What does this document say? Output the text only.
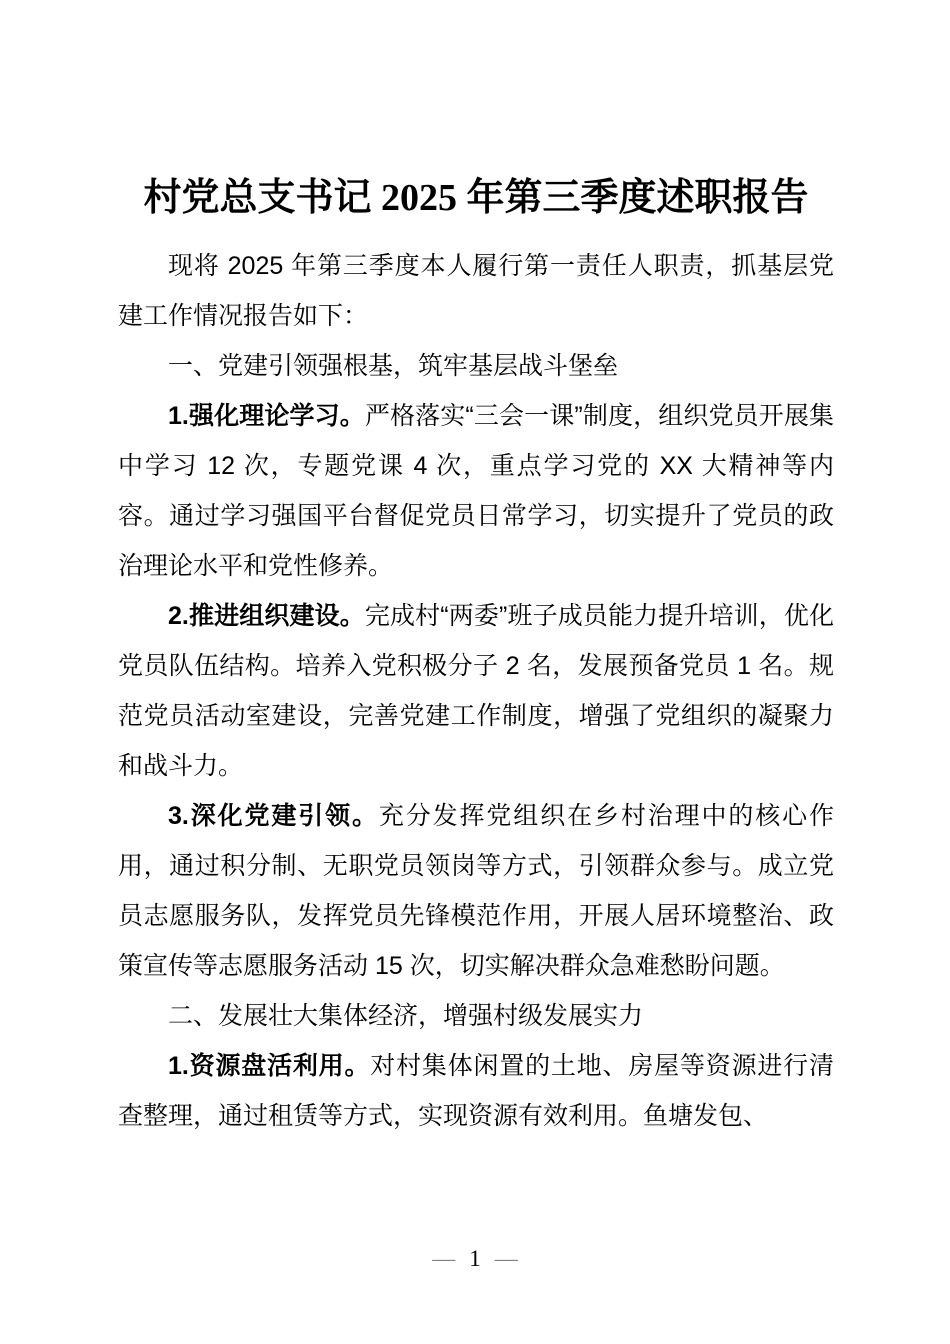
村党总支书记 2025 年第三季度述职报告

现将 2025 年第三季度本人履行第一责任人职责，抓基层党建工作情况报告如下：

一、党建引领强根基，筑牢基层战斗堡垒

1.强化理论学习。严格落实“三会一课”制度，组织党员开展集中学习 12 次，专题党课 4 次，重点学习党的 XX 大精神等内容。通过学习强国平台督促党员日常学习，切实提升了党员的政治理论水平和党性修养。

2.推进组织建设。完成村“两委”班子成员能力提升培训，优化党员队伍结构。培养入党积极分子 2 名，发展预备党员 1 名。规范党员活动室建设，完善党建工作制度，增强了党组织的凝聚力和战斗力。

3.深化党建引领。充分发挥党组织在乡村治理中的核心作用，通过积分制、无职党员领岗等方式，引领群众参与。成立党员志愿服务队，发挥党员先锋模范作用，开展人居环境整治、政策宣传等志愿服务活动 15 次，切实解决群众急难愁盼问题。

二、发展壮大集体经济，增强村级发展实力

1.资源盘活利用。对村集体闲置的土地、房屋等资源进行清查整理，通过租赁等方式，实现资源有效利用。鱼塘发包、

— 1 —
